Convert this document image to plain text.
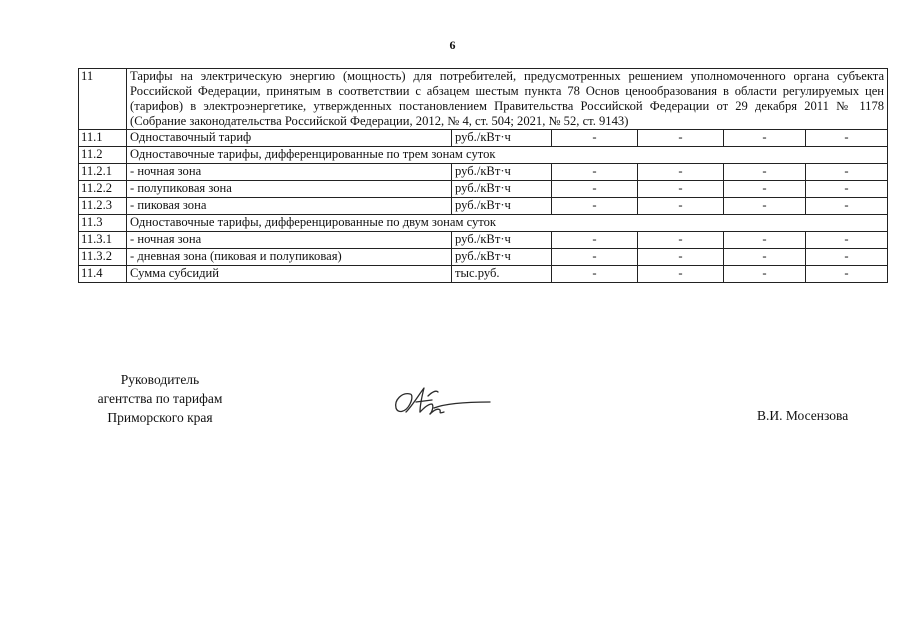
6
11	Тарифы на электрическую энергию (мощность) для потребителей, предусмотренных решением уполномоченного органа субъекта Российской Федерации, принятым в соответствии с абзацем шестым пункта 78 Основ ценообразования в области регулируемых цен (тарифов) в электроэнергетике, утвержденных постановлением Правительства Российской Федерации от 29 декабря 2011 № 1178 (Собрание законодательства Российской Федерации, 2012, № 4, ст. 504; 2021, № 52, ст. 9143)					
11.1	Одноставочный тариф	руб./кВт·ч	-	-	-	-
11.2	Одноставочные тарифы, дифференцированные по трем зонам суток					
11.2.1	- ночная зона	руб./кВт·ч	-	-	-	-
11.2.2	- полупиковая зона	руб./кВт·ч	-	-	-	-
11.2.3	- пиковая зона	руб./кВт·ч	-	-	-	-
11.3	Одноставочные тарифы, дифференцированные по двум зонам суток					
11.3.1	- ночная зона	руб./кВт·ч	-	-	-	-
11.3.2	- дневная зона (пиковая и полупиковая)	руб./кВт·ч	-	-	-	-
11.4	Сумма субсидий	тыс.руб.	-	-	-	-
Руководитель
агентства по тарифам
Приморского края	В.И. Мосензова
